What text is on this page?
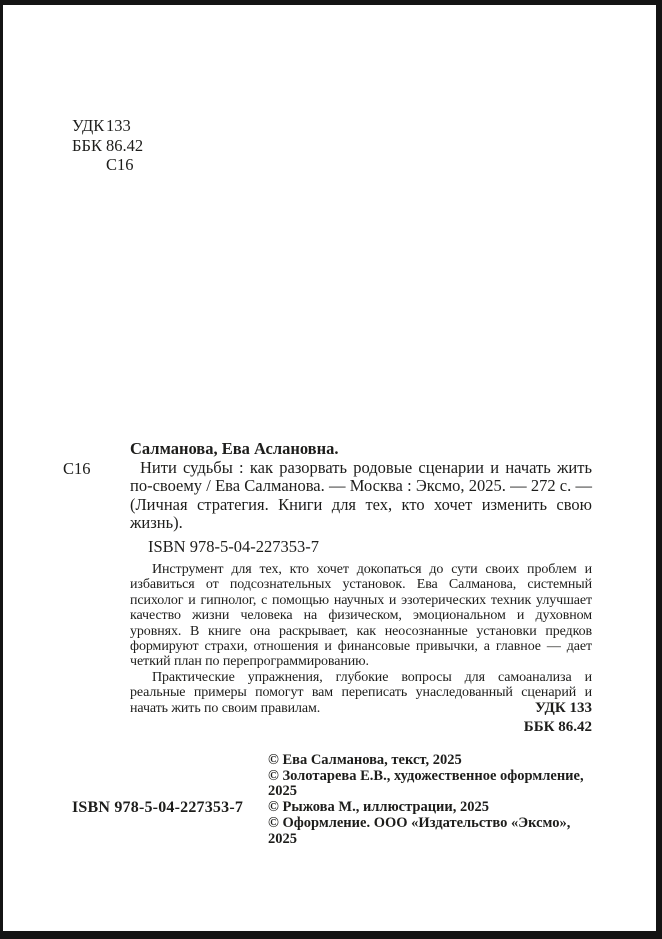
УДК 133
ББК 86.42
С16
С16
Салманова, Ева Аслановна.
Нити судьбы : как разорвать родовые сценарии и начать жить по-своему / Ева Салманова. — Москва : Эксмо, 2025. — 272 с. — (Личная стратегия. Книги для тех, кто хочет изменить свою жизнь).
ISBN 978-5-04-227353-7

Инструмент для тех, кто хочет докопаться до сути своих проблем и избавиться от подсознательных установок. Ева Салманова, системный психолог и гипнолог, с помощью научных и эзотерических техник улучшает качество жизни человека на физическом, эмоциональном и духовном уровнях. В книге она раскрывает, как неосознанные установки предков формируют страхи, отношения и финансовые привычки, а главное — дает четкий план по перепрограммированию.

Практические упражнения, глубокие вопросы для самоанализа и реальные примеры помогут вам переписать унаследованный сценарий и начать жить по своим правилам.	УДК 133
ББК 86.42
© Ева Салманова, текст, 2025
© Золотарева Е.В., художественное оформление, 2025
© Рыжова М., иллюстрации, 2025
© Оформление. ООО «Издательство «Эксмо», 2025
ISBN 978-5-04-227353-7
